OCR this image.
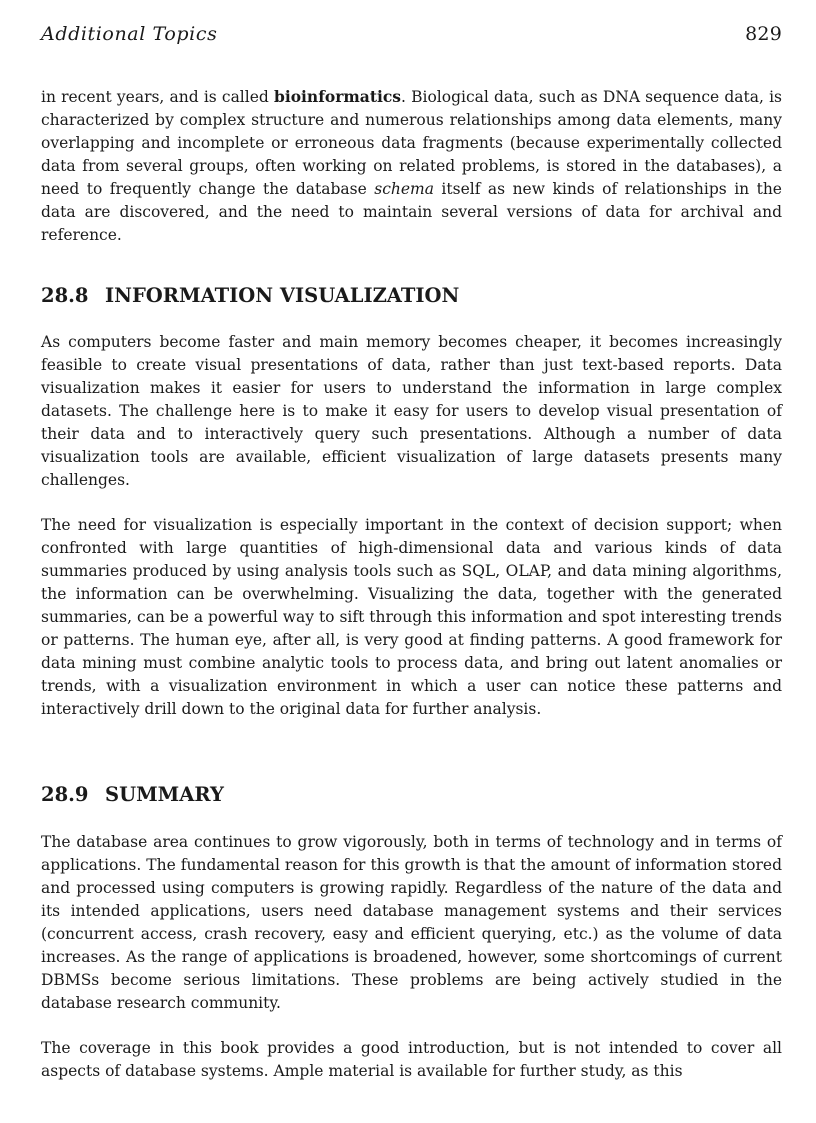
Additional Topics	829

in recent years, and is called bioinformatics. Biological data, such as DNA sequence data, is characterized by complex structure and numerous relationships among data elements, many overlapping and incomplete or erroneous data fragments (because experimentally collected data from several groups, often working on related problems, is stored in the databases), a need to frequently change the database schema itself as new kinds of relationships in the data are discovered, and the need to maintain several versions of data for archival and reference.

28.8 INFORMATION VISUALIZATION

As computers become faster and main memory becomes cheaper, it becomes increasingly feasible to create visual presentations of data, rather than just text-based reports. Data visualization makes it easier for users to understand the information in large complex datasets. The challenge here is to make it easy for users to develop visual presentation of their data and to interactively query such presentations. Although a number of data visualization tools are available, efficient visualization of large datasets presents many challenges.

The need for visualization is especially important in the context of decision support; when confronted with large quantities of high-dimensional data and various kinds of data summaries produced by using analysis tools such as SQL, OLAP, and data mining algorithms, the information can be overwhelming. Visualizing the data, together with the generated summaries, can be a powerful way to sift through this information and spot interesting trends or patterns. The human eye, after all, is very good at finding patterns. A good framework for data mining must combine analytic tools to process data, and bring out latent anomalies or trends, with a visualization environment in which a user can notice these patterns and interactively drill down to the original data for further analysis.

28.9 SUMMARY

The database area continues to grow vigorously, both in terms of technology and in terms of applications. The fundamental reason for this growth is that the amount of information stored and processed using computers is growing rapidly. Regardless of the nature of the data and its intended applications, users need database management systems and their services (concurrent access, crash recovery, easy and efficient querying, etc.) as the volume of data increases. As the range of applications is broadened, however, some shortcomings of current DBMSs become serious limitations. These problems are being actively studied in the database research community.

The coverage in this book provides a good introduction, but is not intended to cover all aspects of database systems. Ample material is available for further study, as this
